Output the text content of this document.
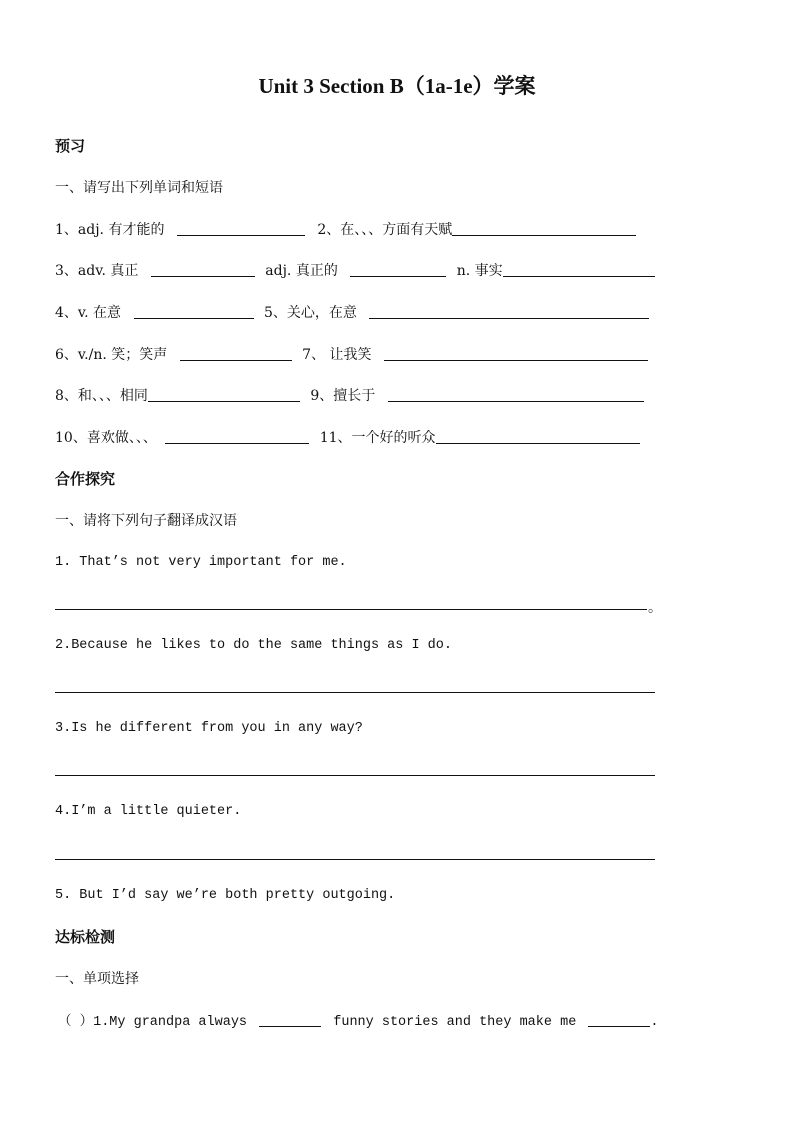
Unit 3 Section B（1a-1e）学案
预习
一、请写出下列单词和短语
1、adj. 有才能的	2、在、、、方面有天赋
3、adv. 真正	adj. 真正的	n. 事实
4、v. 在意	5、关心，在意
6、v./n. 笑；笑声	7、 让我笑
8、和、、、相同	9、擅长于
10、喜欢做、、、	11、一个好的听众
合作探究
一、请将下列句子翻译成汉语
1. That’s not very important for me.
。
2.Because he likes to do the same things as I do.
3.Is he different from you in any way?
4.I’m a little quieter.
5. But I’d say we’re both pretty outgoing.
达标检测
一、单项选择
（ ）1.My grandpa always	funny stories and they make me	.
